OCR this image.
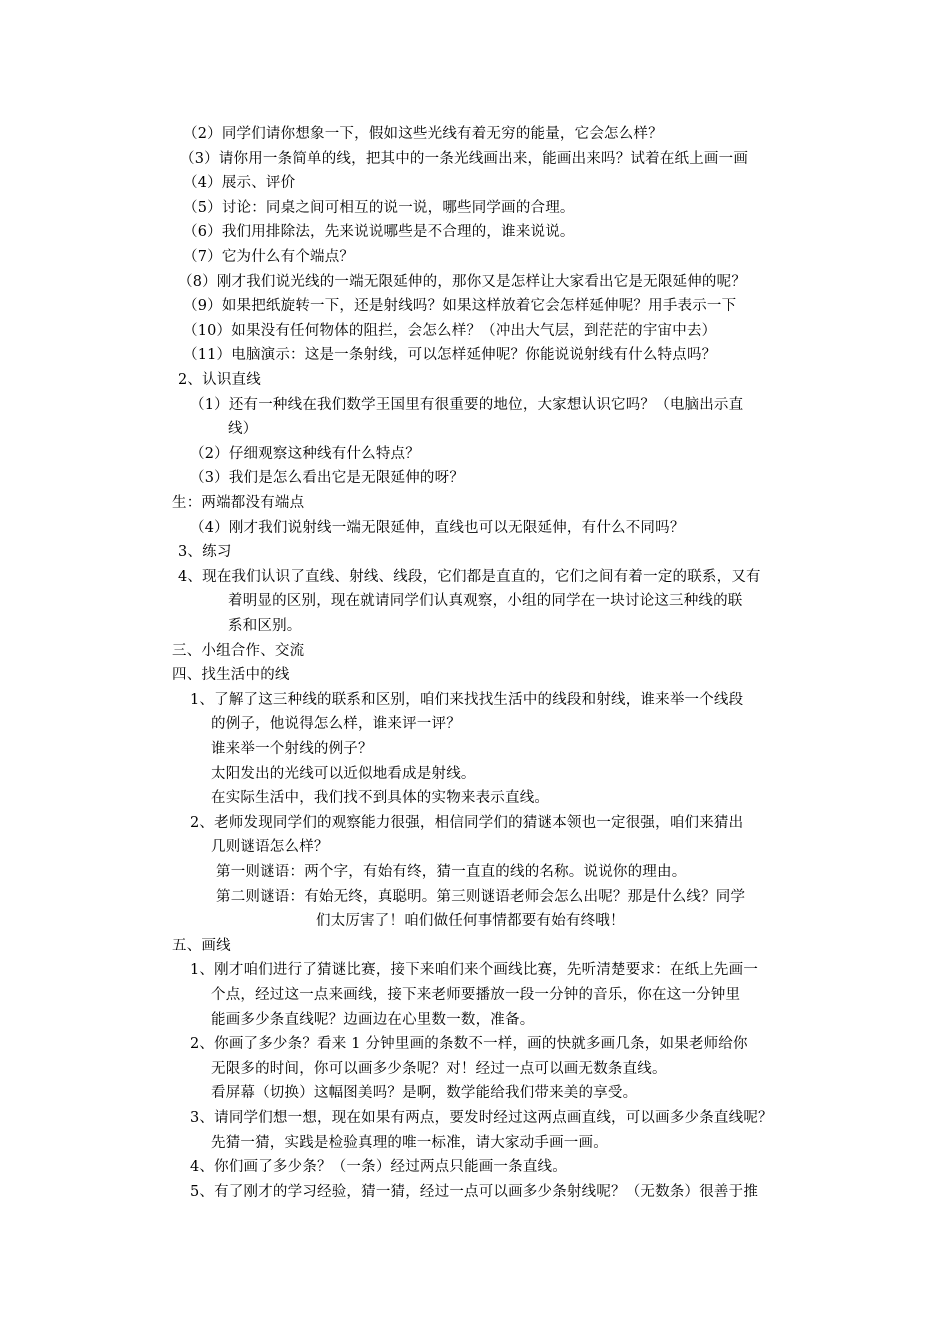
（2）同学们请你想象一下，假如这些光线有着无穷的能量，它会怎么样？
（3）请你用一条简单的线，把其中的一条光线画出来，能画出来吗？试着在纸上画一画
（4）展示、评价
（5）讨论：同桌之间可相互的说一说，哪些同学画的合理。
（6）我们用排除法，先来说说哪些是不合理的，谁来说说。
（7）它为什么有个端点？
（8）刚才我们说光线的一端无限延伸的，那你又是怎样让大家看出它是无限延伸的呢？
（9）如果把纸旋转一下，还是射线吗？如果这样放着它会怎样延伸呢？用手表示一下
（10）如果没有任何物体的阻拦，会怎么样？（冲出大气层，到茫茫的宇宙中去）
（11）电脑演示：这是一条射线，可以怎样延伸呢？你能说说射线有什么特点吗？
2、认识直线
（1）还有一种线在我们数学王国里有很重要的地位，大家想认识它吗？（电脑出示直
线）
（2）仔细观察这种线有什么特点？
（3）我们是怎么看出它是无限延伸的呀？
生：两端都没有端点
（4）刚才我们说射线一端无限延伸，直线也可以无限延伸，有什么不同吗？
3、练习
4、现在我们认识了直线、射线、线段，它们都是直直的，它们之间有着一定的联系，又有
着明显的区别，现在就请同学们认真观察，小组的同学在一块讨论这三种线的联
系和区别。
三、小组合作、交流
四、找生活中的线
1、了解了这三种线的联系和区别，咱们来找找生活中的线段和射线，谁来举一个线段
的例子，他说得怎么样，谁来评一评？
谁来举一个射线的例子？
太阳发出的光线可以近似地看成是射线。
在实际生活中，我们找不到具体的实物来表示直线。
2、老师发现同学们的观察能力很强，相信同学们的猜谜本领也一定很强，咱们来猜出
几则谜语怎么样？
第一则谜语：两个字，有始有终，猜一直直的线的名称。说说你的理由。
第二则谜语：有始无终，真聪明。第三则谜语老师会怎么出呢？那是什么线？同学
们太厉害了！咱们做任何事情都要有始有终哦！
五、画线
1、刚才咱们进行了猜谜比赛，接下来咱们来个画线比赛，先听清楚要求：在纸上先画一
个点，经过这一点来画线，接下来老师要播放一段一分钟的音乐，你在这一分钟里
能画多少条直线呢？边画边在心里数一数，准备。
2、你画了多少条？看来 1 分钟里画的条数不一样，画的快就多画几条，如果老师给你
无限多的时间，你可以画多少条呢？对！经过一点可以画无数条直线。
看屏幕（切换）这幅图美吗？是啊，数学能给我们带来美的享受。
3、请同学们想一想，现在如果有两点，要发时经过这两点画直线，可以画多少条直线呢？
先猜一猜，实践是检验真理的唯一标准，请大家动手画一画。
4、你们画了多少条？（一条）经过两点只能画一条直线。
5、有了刚才的学习经验，猜一猜，经过一点可以画多少条射线呢？（无数条）很善于推
